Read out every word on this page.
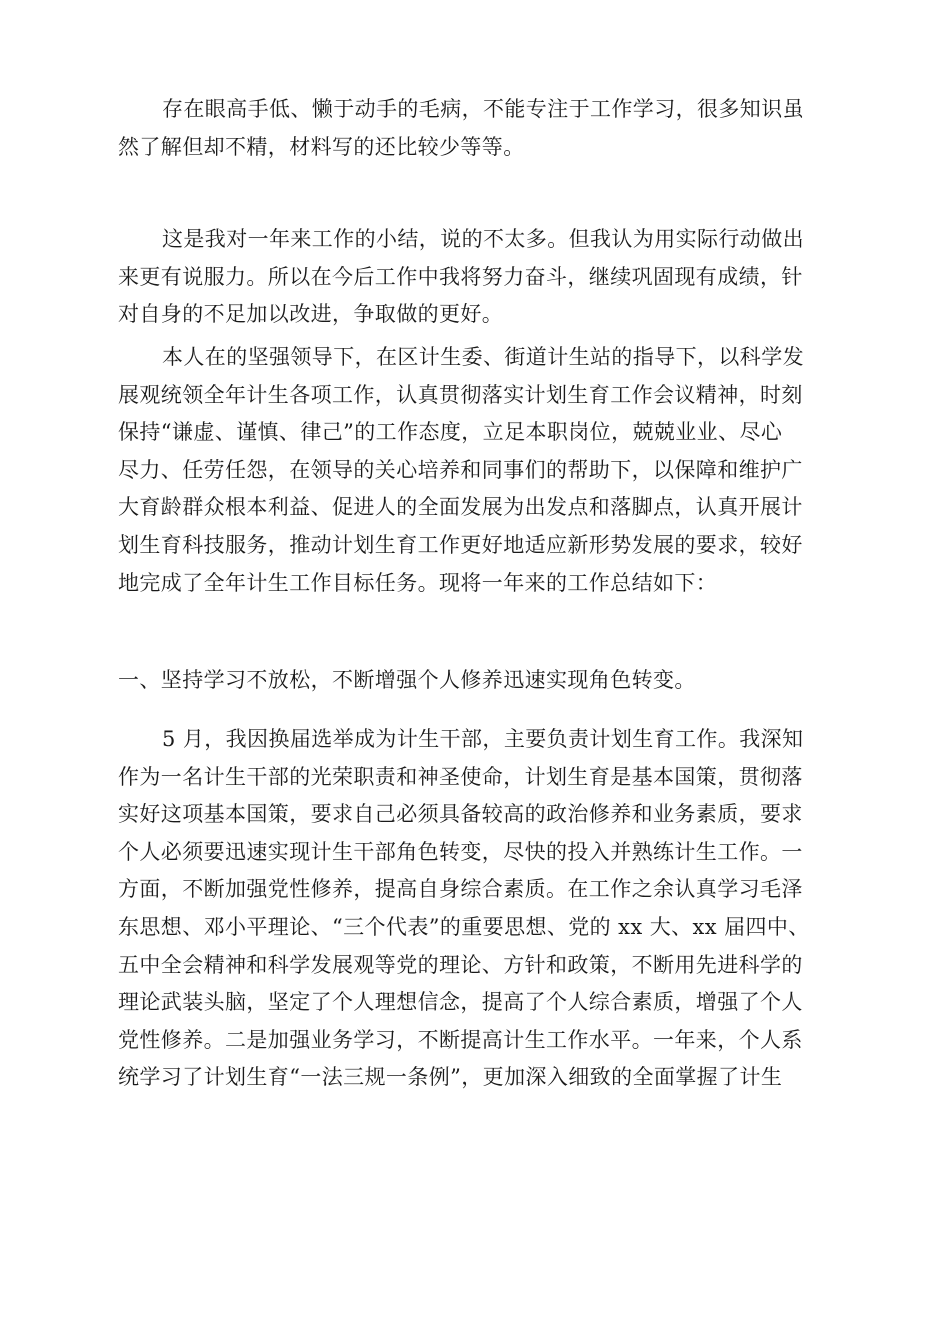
存在眼高手低、懒于动手的毛病，不能专注于工作学习，很多知识虽
然了解但却不精，材料写的还比较少等等。
这是我对一年来工作的小结，说的不太多。但我认为用实际行动做出
来更有说服力。所以在今后工作中我将努力奋斗，继续巩固现有成绩，针
对自身的不足加以改进，争取做的更好。
本人在的坚强领导下，在区计生委、街道计生站的指导下，以科学发
展观统领全年计生各项工作，认真贯彻落实计划生育工作会议精神，时刻
保持“谦虚、谨慎、律己”的工作态度，立足本职岗位，兢兢业业、尽心
尽力、任劳任怨，在领导的关心培养和同事们的帮助下，以保障和维护广
大育龄群众根本利益、促进人的全面发展为出发点和落脚点，认真开展计
划生育科技服务，推动计划生育工作更好地适应新形势发展的要求，较好
地完成了全年计生工作目标任务。现将一年来的工作总结如下：
一、坚持学习不放松，不断增强个人修养迅速实现角色转变。
5 月，我因换届选举成为计生干部，主要负责计划生育工作。我深知
作为一名计生干部的光荣职责和神圣使命，计划生育是基本国策，贯彻落
实好这项基本国策，要求自己必须具备较高的政治修养和业务素质，要求
个人必须要迅速实现计生干部角色转变，尽快的投入并熟练计生工作。一
方面，不断加强党性修养，提高自身综合素质。在工作之余认真学习毛泽
东思想、邓小平理论、“三个代表”的重要思想、党的 xx 大、xx 届四中、
五中全会精神和科学发展观等党的理论、方针和政策，不断用先进科学的
理论武装头脑，坚定了个人理想信念，提高了个人综合素质，增强了个人
党性修养。二是加强业务学习，不断提高计生工作水平。一年来，个人系
统学习了计划生育“一法三规一条例”，更加深入细致的全面掌握了计生
